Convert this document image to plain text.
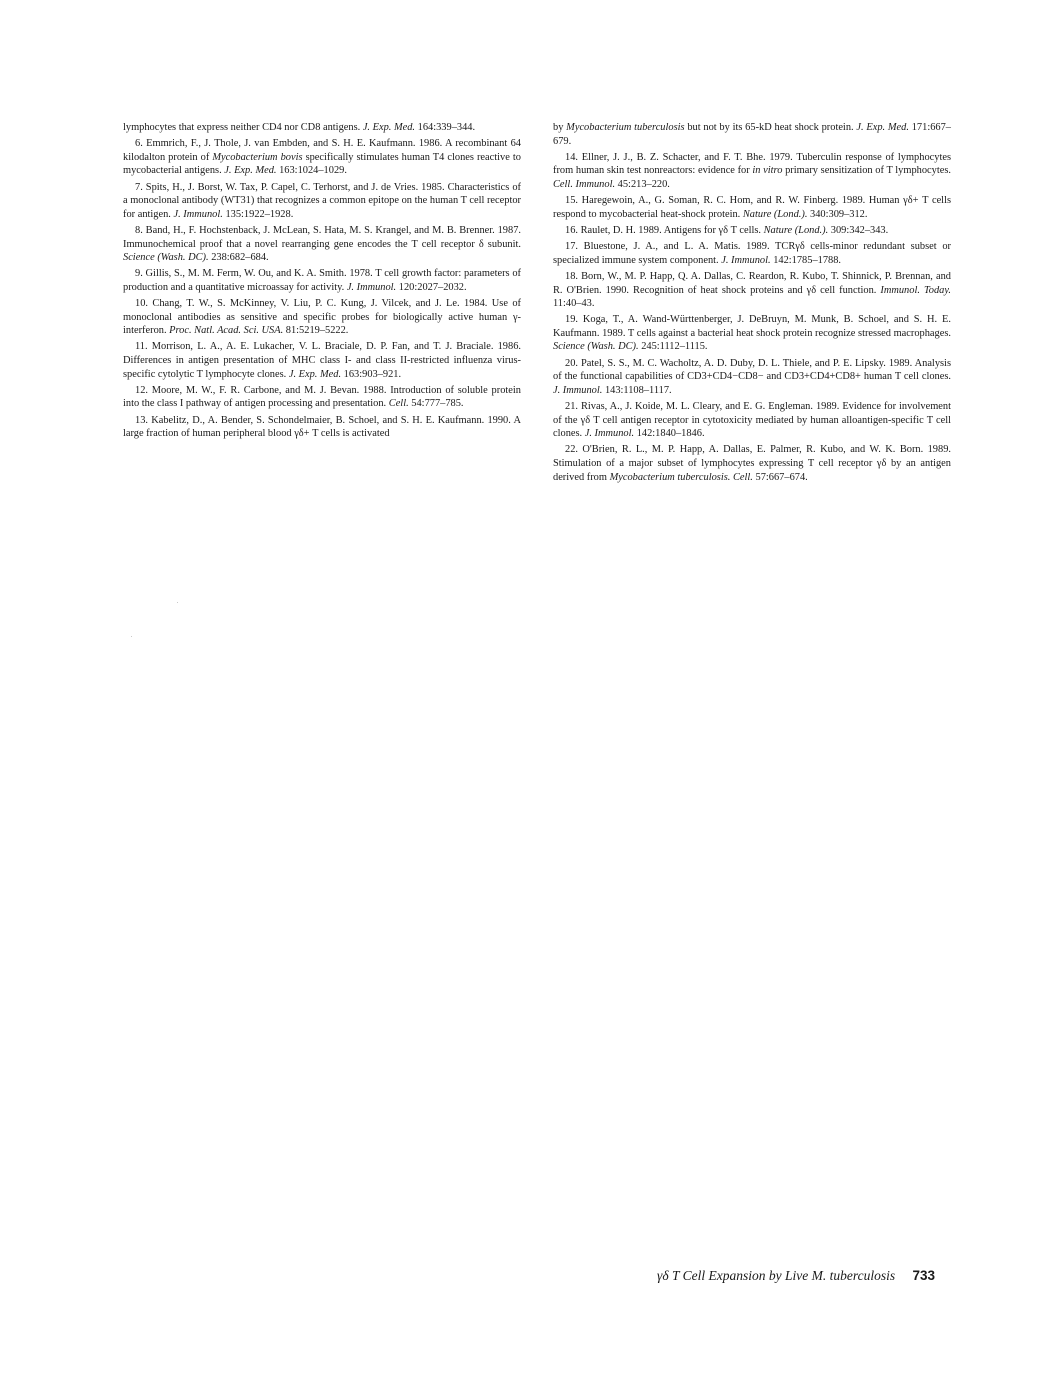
lymphocytes that express neither CD4 nor CD8 antigens. J. Exp. Med. 164:339–344.

6. Emmrich, F., J. Thole, J. van Embden, and S. H. E. Kaufmann. 1986. A recombinant 64 kilodalton protein of Mycobacterium bovis specifically stimulates human T4 clones reactive to mycobacterial antigens. J. Exp. Med. 163:1024–1029.

7. Spits, H., J. Borst, W. Tax, P. Capel, C. Terhorst, and J. de Vries. 1985. Characteristics of a monoclonal antibody (WT31) that recognizes a common epitope on the human T cell receptor for antigen. J. Immunol. 135:1922–1928.

8. Band, H., F. Hochstenback, J. McLean, S. Hata, M. S. Krangel, and M. B. Brenner. 1987. Immunochemical proof that a novel rearranging gene encodes the T cell receptor δ subunit. Science (Wash. DC). 238:682–684.

9. Gillis, S., M. M. Ferm, W. Ou, and K. A. Smith. 1978. T cell growth factor: parameters of production and a quantitative microassay for activity. J. Immunol. 120:2027–2032.

10. Chang, T. W., S. McKinney, V. Liu, P. C. Kung, J. Vilcek, and J. Le. 1984. Use of monoclonal antibodies as sensitive and specific probes for biologically active human γ-interferon. Proc. Natl. Acad. Sci. USA. 81:5219–5222.

11. Morrison, L. A., A. E. Lukacher, V. L. Braciale, D. P. Fan, and T. J. Braciale. 1986. Differences in antigen presentation of MHC class I- and class II-restricted influenza virus-specific cytolytic T lymphocyte clones. J. Exp. Med. 163:903–921.

12. Moore, M. W., F. R. Carbone, and M. J. Bevan. 1988. Introduction of soluble protein into the class I pathway of antigen processing and presentation. Cell. 54:777–785.

13. Kabelitz, D., A. Bender, S. Schondelmaier, B. Schoel, and S. H. E. Kaufmann. 1990. A large fraction of human peripheral blood γδ+ T cells is activated

by Mycobacterium tuberculosis but not by its 65-kD heat shock protein. J. Exp. Med. 171:667–679.

14. Ellner, J. J., B. Z. Schacter, and F. T. Bhe. 1979. Tuberculin response of lymphocytes from human skin test nonreactors: evidence for in vitro primary sensitization of T lymphocytes. Cell. Immunol. 45:213–220.

15. Haregewoin, A., G. Soman, R. C. Hom, and R. W. Finberg. 1989. Human γδ+ T cells respond to mycobacterial heat-shock protein. Nature (Lond.). 340:309–312.

16. Raulet, D. H. 1989. Antigens for γδ T cells. Nature (Lond.). 309:342–343.

17. Bluestone, J. A., and L. A. Matis. 1989. TCRγδ cells-minor redundant subset or specialized immune system component. J. Immunol. 142:1785–1788.

18. Born, W., M. P. Happ, Q. A. Dallas, C. Reardon, R. Kubo, T. Shinnick, P. Brennan, and R. O'Brien. 1990. Recognition of heat shock proteins and γδ cell function. Immunol. Today. 11:40–43.

19. Koga, T., A. Wand-Württenberger, J. DeBruyn, M. Munk, B. Schoel, and S. H. E. Kaufmann. 1989. T cells against a bacterial heat shock protein recognize stressed macrophages. Science (Wash. DC). 245:1112–1115.

20. Patel, S. S., M. C. Wacholtz, A. D. Duby, D. L. Thiele, and P. E. Lipsky. 1989. Analysis of the functional capabilities of CD3+CD4−CD8− and CD3+CD4+CD8+ human T cell clones. J. Immunol. 143:1108–1117.

21. Rivas, A., J. Koide, M. L. Cleary, and E. G. Engleman. 1989. Evidence for involvement of the γδ T cell antigen receptor in cytotoxicity mediated by human alloantigen-specific T cell clones. J. Immunol. 142:1840–1846.

22. O'Brien, R. L., M. P. Happ, A. Dallas, E. Palmer, R. Kubo, and W. K. Born. 1989. Stimulation of a major subset of lymphocytes expressing T cell receptor γδ by an antigen derived from Mycobacterium tuberculosis. Cell. 57:667–674.

γδ T Cell Expansion by Live M. tuberculosis 733
